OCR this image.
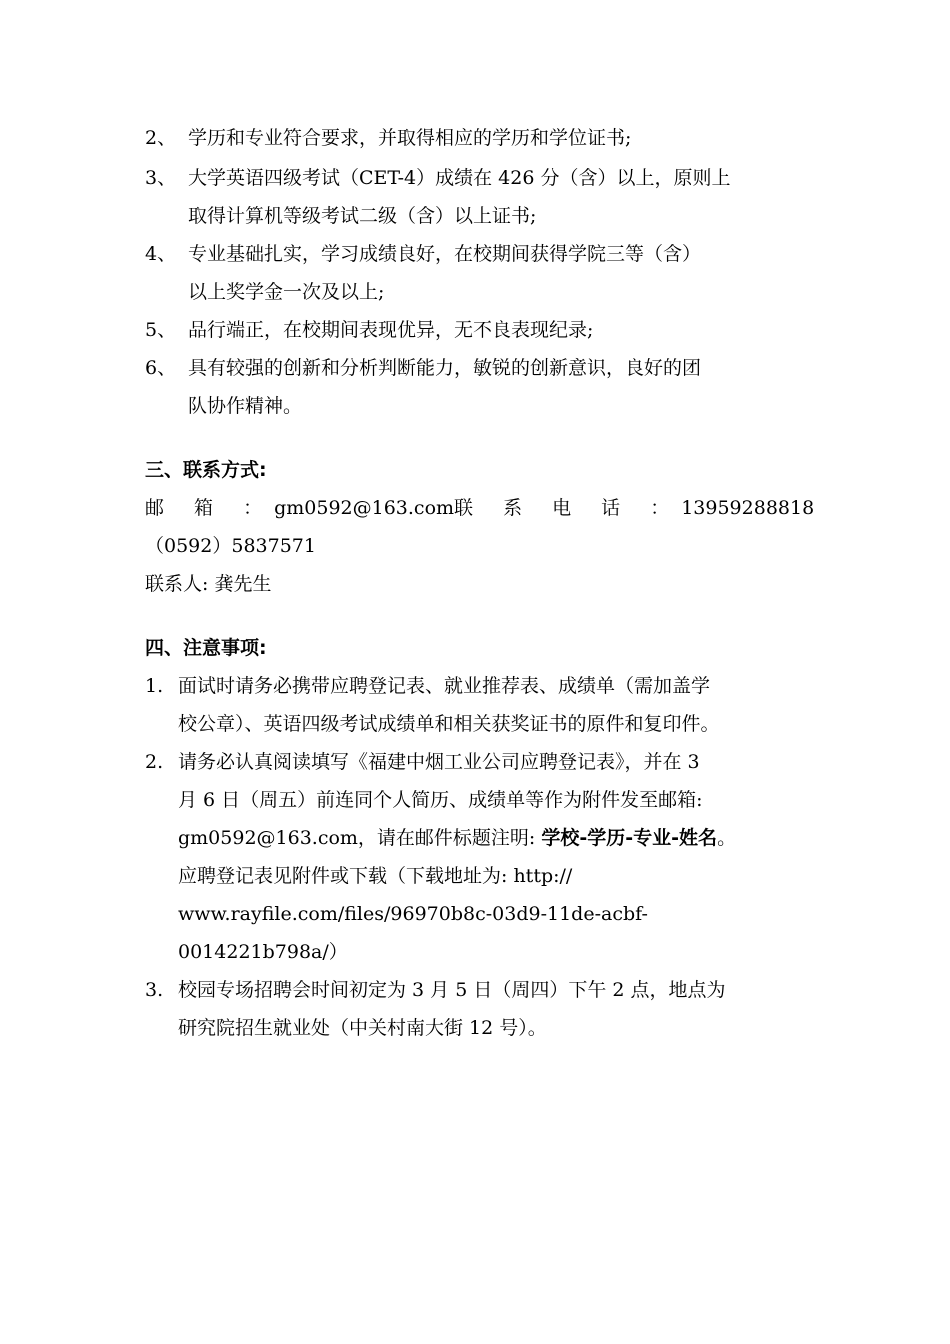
2、 学历和专业符合要求，并取得相应的学历和学位证书;
3、 大学英语四级考试（CET-4）成绩在 426 分（含）以上，原则上
取得计算机等级考试二级（含）以上证书;
4、 专业基础扎实，学习成绩良好，在校期间获得学院三等（含）
以上奖学金一次及以上;
5、 品行端正，在校期间表现优异，无不良表现纪录;
6、 具有较强的创新和分析判断能力，敏锐的创新意识，良好的团
队协作精神。
三、联系方式:
邮 箱 ： gm0592@163.com 联 系 电 话 ： 13959288818
（0592）5837571
联系人: 龚先生
四、注意事项:
1. 面试时请务必携带应聘登记表、就业推荐表、成绩单（需加盖学
校公章）、英语四级考试成绩单和相关获奖证书的原件和复印件。
2. 请务必认真阅读填写《福建中烟工业公司应聘登记表》，并在 3
月 6 日（周五）前连同个人简历、成绩单等作为附件发至邮箱:
gm0592@163.com，请在邮件标题注明: 学校-学历-专业-姓名。
应聘登记表见附件或下载（下载地址为: http://
www.rayfile.com/files/96970b8c-03d9-11de-acbf-
0014221b798a/）
3. 校园专场招聘会时间初定为 3 月 5 日（周四）下午 2 点，地点为
研究院招生就业处（中关村南大街 12 号）。
